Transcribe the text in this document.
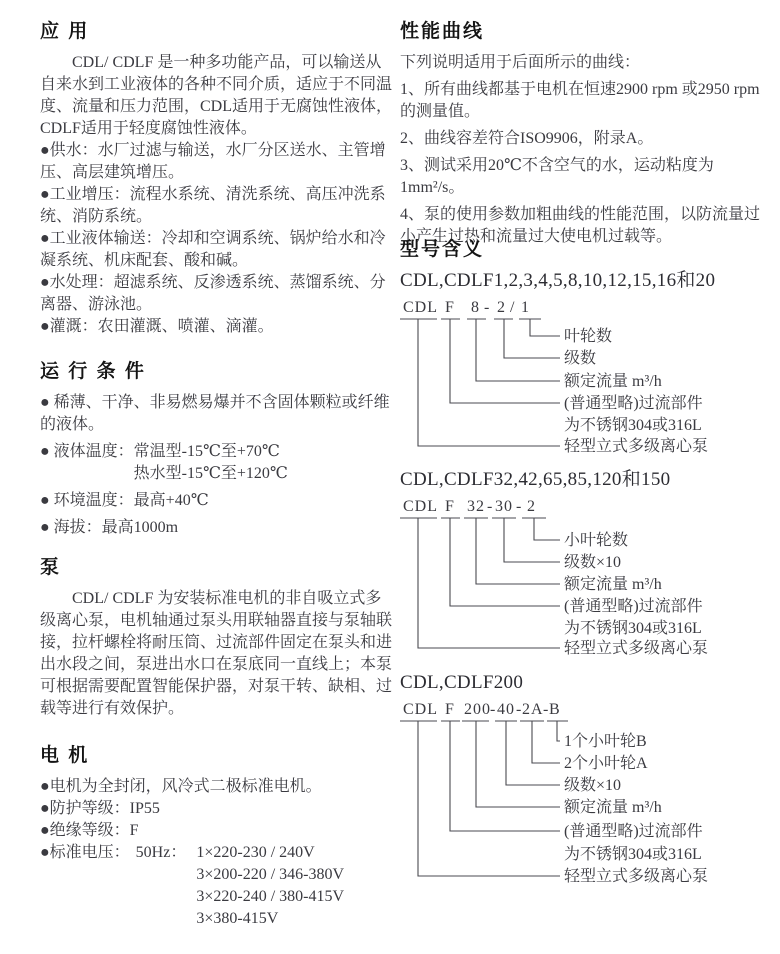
应 用

CDL/ CDLF 是一种多功能产品，可以输送从自来水到工业液体的各种不同介质，适应于不同温度、流量和压力范围，CDL适用于无腐蚀性液体，CDLF适用于轻度腐蚀性液体。

●供水：水厂过滤与输送，水厂分区送水、主管增压、高层建筑增压。

●工业增压：流程水系统、清洗系统、高压冲洗系统、消防系统。

●工业液体输送：冷却和空调系统、锅炉给水和冷凝系统、机床配套、酸和碱。

●水处理：超滤系统、反渗透系统、蒸馏系统、分离器、游泳池。

●灌溉：农田灌溉、喷灌、滴灌。

运 行 条 件

● 稀薄、干净、非易燃易爆并不含固体颗粒或纤维的液体。

● 液体温度： 常温型-15℃至+70℃
热水型-15℃至+120℃

● 环境温度：最高+40℃

● 海拔：最高1000m

泵

CDL/ CDLF 为安装标准电机的非自吸立式多级离心泵，电机轴通过泵头用联轴器直接与泵轴联接，拉杆螺栓将耐压筒、过流部件固定在泵头和进出水段之间，泵进出水口在泵底同一直线上；本泵可根据需要配置智能保护器，对泵干转、缺相、过载等进行有效保护。

电 机

●电机为全封闭，风冷式二极标准电机。

●防护等级：IP55

●绝缘等级：F

●标准电压： 50Hz： 1×220-230 / 240V
3×200-220 / 346-380V
3×220-240 / 380-415V
3×380-415V
性能曲线

下列说明适用于后面所示的曲线：

1、所有曲线都基于电机在恒速2900 rpm 或2950 rpm 的测量值。

2、曲线容差符合ISO9906，附录A。

3、测试采用20℃不含空气的水，运动粘度为1mm²/s。

4、泵的使用参数加粗曲线的性能范围，以防流量过小产生过热和流量过大使电机过载等。

型号含义

CDL,CDLF1,2,3,4,5,8,10,12,15,16和20

CDL F 8 - 2 / 1
叶轮数
级数
额定流量 m³/h
(普通型略)过流部件
为不锈钢304或316L
轻型立式多级离心泵

CDL,CDLF32,42,65,85,120和150

CDL F 32 - 30 - 2
小叶轮数
级数×10
额定流量 m³/h
(普通型略)过流部件
为不锈钢304或316L
轻型立式多级离心泵

CDL,CDLF200

CDL F 200 - 40 - 2A - B
1个小叶轮B
2个小叶轮A
级数×10
额定流量 m³/h
(普通型略)过流部件
为不锈钢304或316L
轻型立式多级离心泵
